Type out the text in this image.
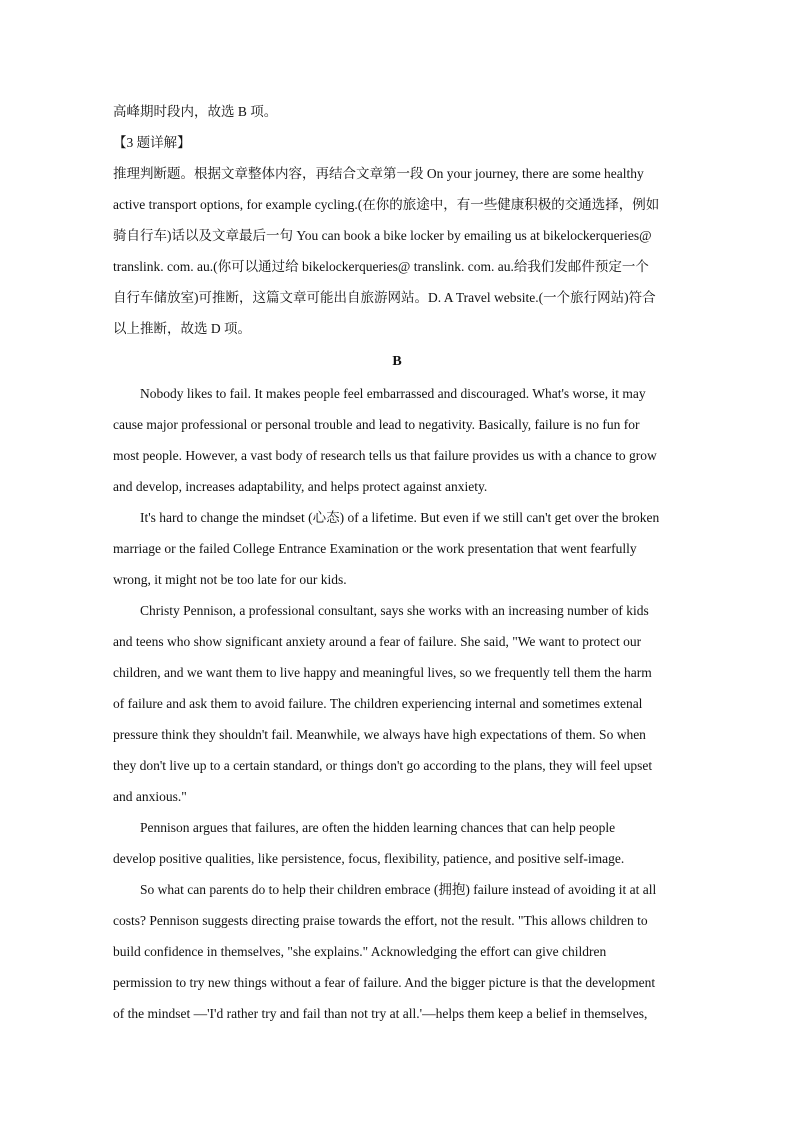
高峰期时段内，故选 B 项。
【3 题详解】
推理判断题。根据文章整体内容，再结合文章第一段 On your journey, there are some healthy
active transport options, for example cycling.(在你的旅途中，有一些健康积极的交通选择，例如
骑自行车)话以及文章最后一句 You can book a bike locker by emailing us at bikelockerqueries@
translink. com. au.(你可以通过给 bikelockerqueries@ translink. com. au.给我们发邮件预定一个
自行车储放室)可推断，这篇文章可能出自旅游网站。D. A Travel website.(一个旅行网站)符合
以上推断，故选 D 项。
B
Nobody likes to fail. It makes people feel embarrassed and discouraged. What's worse, it may
cause major professional or personal trouble and lead to negativity. Basically, failure is no fun for
most people. However, a vast body of research tells us that failure provides us with a chance to grow
and develop, increases adaptability, and helps protect against anxiety.
It's hard to change the mindset (心态) of a lifetime. But even if we still can't get over the broken
marriage or the failed College Entrance Examination or the work presentation that went fearfully
wrong, it might not be too late for our kids.
Christy Pennison, a professional consultant, says she works with an increasing number of kids
and teens who show significant anxiety around a fear of failure. She said, "We want to protect our
children, and we want them to live happy and meaningful lives, so we frequently tell them the harm
of failure and ask them to avoid failure. The children experiencing internal and sometimes extenal
pressure think they shouldn't fail. Meanwhile, we always have high expectations of them. So when
they don't live up to a certain standard, or things don't go according to the plans, they will feel upset
and anxious."
Pennison argues that failures, are often the hidden learning chances that can help people
develop positive qualities, like persistence, focus, flexibility, patience, and positive self-image.
So what can parents do to help their children embrace (拥抱) failure instead of avoiding it at all
costs? Pennison suggests directing praise towards the effort, not the result. "This allows children to
build confidence in themselves, "she explains." Acknowledging the effort can give children
permission to try new things without a fear of failure. And the bigger picture is that the development
of the mindset —'I'd rather try and fail than not try at all.'—helps them keep a belief in themselves,
